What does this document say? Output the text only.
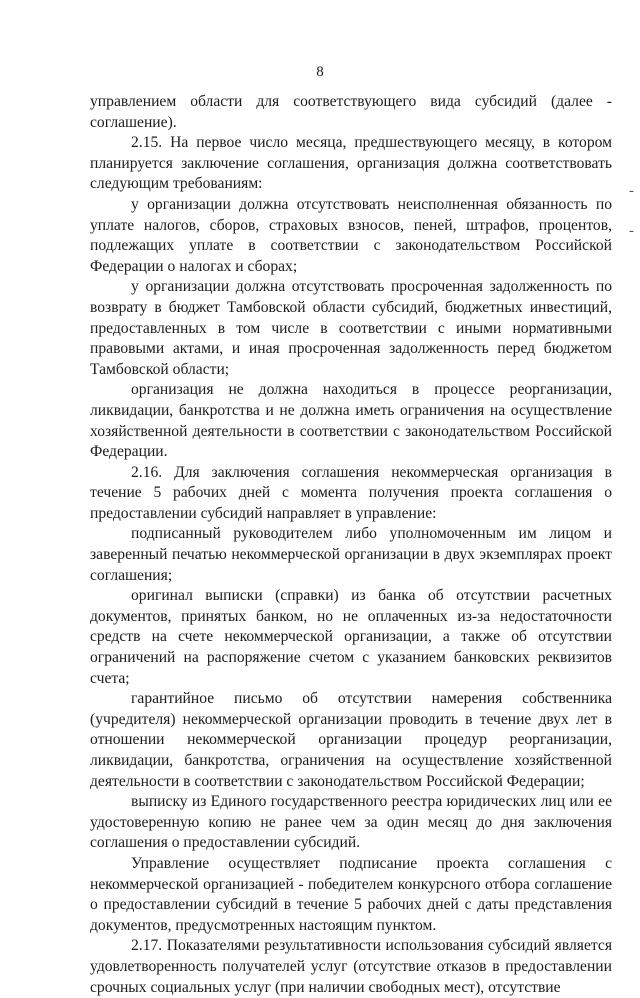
8

управлением области для соответствующего вида субсидий (далее - соглашение).

2.15. На первое число месяца, предшествующего месяцу, в котором планируется заключение соглашения, организация должна соответствовать следующим требованиям:

у организации должна отсутствовать неисполненная обязанность по уплате налогов, сборов, страховых взносов, пеней, штрафов, процентов, подлежащих уплате в соответствии с законодательством Российской Федерации о налогах и сборах;

у организации должна отсутствовать просроченная задолженность по возврату в бюджет Тамбовской области субсидий, бюджетных инвестиций, предоставленных в том числе в соответствии с иными нормативными правовыми актами, и иная просроченная задолженность перед бюджетом Тамбовской области;

организация не должна находиться в процессе реорганизации, ликвидации, банкротства и не должна иметь ограничения на осуществление хозяйственной деятельности в соответствии с законодательством Российской Федерации.

2.16. Для заключения соглашения некоммерческая организация в течение 5 рабочих дней с момента получения проекта соглашения о предоставлении субсидий направляет в управление:

подписанный руководителем либо уполномоченным им лицом и заверенный печатью некоммерческой организации в двух экземплярах проект соглашения;

оригинал выписки (справки) из банка об отсутствии расчетных документов, принятых банком, но не оплаченных из-за недостаточности средств на счете некоммерческой организации, а также об отсутствии ограничений на распоряжение счетом с указанием банковских реквизитов счета;

гарантийное письмо об отсутствии намерения собственника (учредителя) некоммерческой организации проводить в течение двух лет в отношении некоммерческой организации процедур реорганизации, ликвидации, банкротства, ограничения на осуществление хозяйственной деятельности в соответствии с законодательством Российской Федерации;

выписку из Единого государственного реестра юридических лиц или ее удостоверенную копию не ранее чем за один месяц до дня заключения соглашения о предоставлении субсидий.

Управление осуществляет подписание проекта соглашения с некоммерческой организацией - победителем конкурсного отбора соглашение о предоставлении субсидий в течение 5 рабочих дней с даты представления документов, предусмотренных настоящим пунктом.

2.17. Показателями результативности использования субсидий является удовлетворенность получателей услуг (отсутствие отказов в предоставлении срочных социальных услуг (при наличии свободных мест), отсутствие

-
-
